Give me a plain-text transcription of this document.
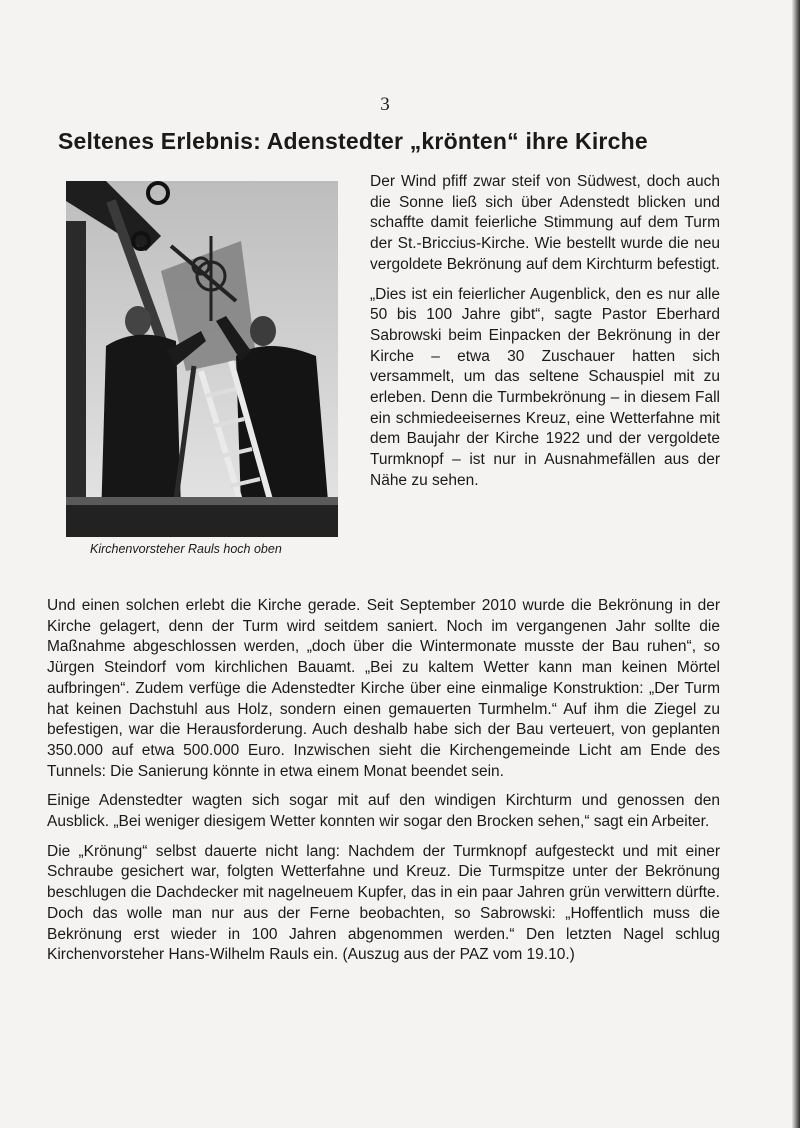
3
Seltenes Erlebnis: Adenstedter „krönten“ ihre Kirche
Kirchenvorsteher Rauls hoch oben

Der Wind pfiff zwar steif von Südwest, doch auch die Sonne ließ sich über Adenstedt blicken und schaffte damit feierliche Stimmung auf dem Turm der St.-Briccius-Kirche. Wie bestellt wurde die neu vergoldete Bekrönung auf dem Kirchturm befestigt.

„Dies ist ein feierlicher Augenblick, den es nur alle 50 bis 100 Jahre gibt“, sagte Pastor Eberhard Sabrowski beim Einpacken der Bekrönung in der Kirche – etwa 30 Zuschauer hatten sich versammelt, um das seltene Schauspiel mit zu erleben. Denn die Turmbekrönung – in diesem Fall ein schmiedeeisernes Kreuz, eine Wetterfahne mit dem Baujahr der Kirche 1922 und der vergoldete Turmknopf – ist nur in Ausnahmefällen aus der Nähe zu sehen.

Und einen solchen erlebt die Kirche gerade. Seit September 2010 wurde die Bekrönung in der Kirche gelagert, denn der Turm wird seitdem saniert. Noch im vergangenen Jahr sollte die Maßnahme abgeschlossen werden, „doch über die Wintermonate musste der Bau ruhen“, so Jürgen Steindorf vom kirchlichen Bauamt. „Bei zu kaltem Wetter kann man keinen Mörtel aufbringen“. Zudem verfüge die Adenstedter Kirche über eine einmalige Konstruktion: „Der Turm hat keinen Dachstuhl aus Holz, sondern einen gemauerten Turmhelm.“ Auf ihm die Ziegel zu befestigen, war die Herausforderung. Auch deshalb habe sich der Bau verteuert, von geplanten 350.000 auf etwa 500.000 Euro. Inzwischen sieht die Kirchengemeinde Licht am Ende des Tunnels: Die Sanierung könnte in etwa einem Monat beendet sein.

Einige Adenstedter wagten sich sogar mit auf den windigen Kirchturm und genossen den Ausblick. „Bei weniger diesigem Wetter konnten wir sogar den Brocken sehen,“ sagt ein Arbeiter.

Die „Krönung“ selbst dauerte nicht lang: Nachdem der Turmknopf aufgesteckt und mit einer Schraube gesichert war, folgten Wetterfahne und Kreuz. Die Turmspitze unter der Bekrönung beschlugen die Dachdecker mit nagelneuem Kupfer, das in ein paar Jahren grün verwittern dürfte. Doch das wolle man nur aus der Ferne beobachten, so Sabrowski: „Hoffentlich muss die Bekrönung erst wieder in 100 Jahren abgenommen werden.“ Den letzten Nagel schlug Kirchenvorsteher Hans-Wilhelm Rauls ein. (Auszug aus der PAZ vom 19.10.)
